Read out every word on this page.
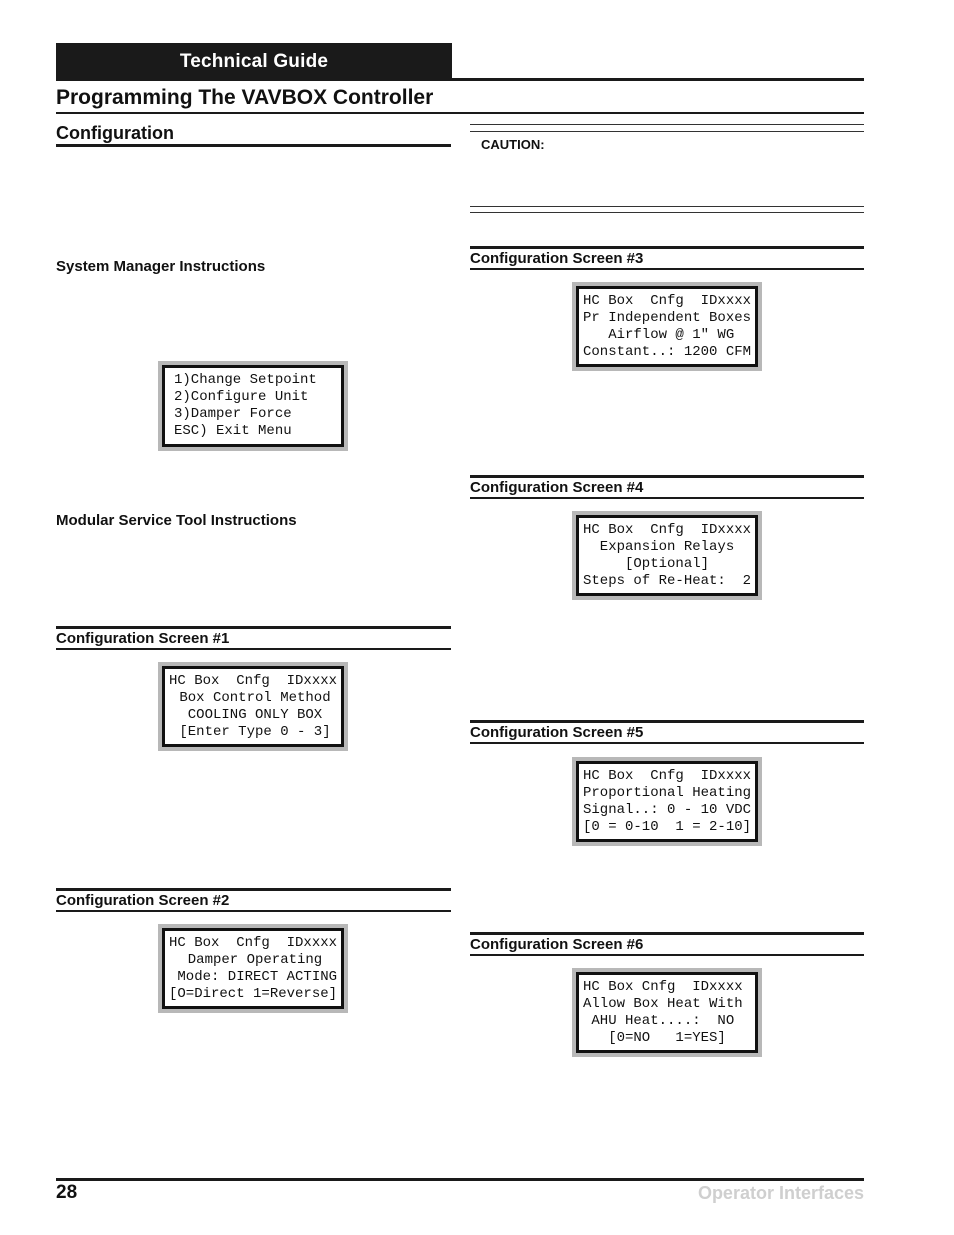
Technical Guide
Programming The VAVBOX Controller
Configuration
System Manager Instructions
1)Change Setpoint
2)Configure Unit
3)Damper Force
ESC) Exit Menu
Modular Service Tool Instructions
Configuration Screen #1
HC Box  Cnfg  IDxxxx
Box Control Method
COOLING ONLY BOX
[Enter Type 0 - 3]
Configuration Screen #2
HC Box  Cnfg  IDxxxx
Damper Operating
Mode: DIRECT ACTING
[O=Direct 1=Reverse]
CAUTION:
Configuration Screen #3
HC Box  Cnfg  IDxxxx
Pr Independent Boxes
Airflow @ 1" WG
Constant..: 1200 CFM
Configuration Screen #4
HC Box  Cnfg  IDxxxx
Expansion Relays
[Optional]
Steps of Re-Heat:  2
Configuration Screen #5
HC Box  Cnfg  IDxxxx
Proportional Heating
Signal..: 0 - 10 VDC
[0 = 0-10  1 = 2-10]
Configuration Screen #6
HC Box Cnfg  IDxxxx
Allow Box Heat With
AHU Heat....:  NO
[0=NO   1=YES]
28	Operator Interfaces
